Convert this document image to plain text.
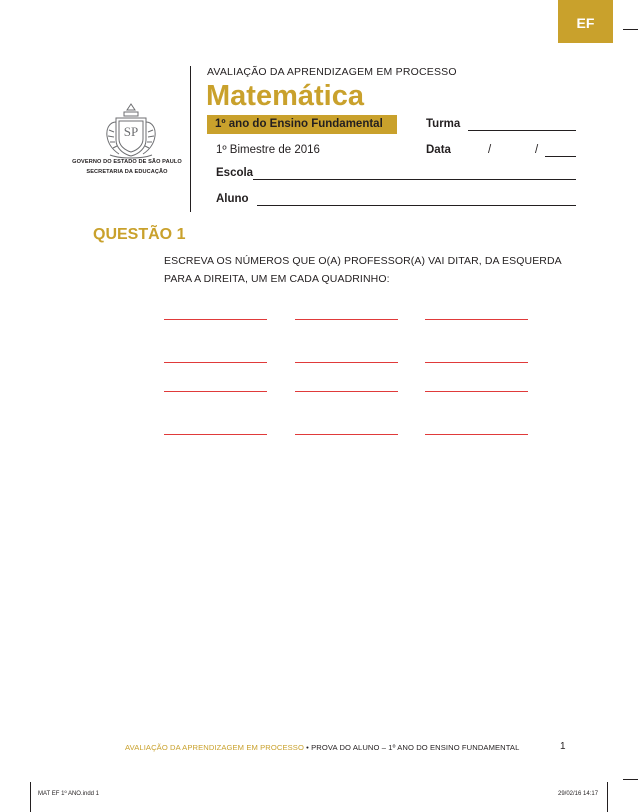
EF
SP
GOVERNO DO ESTADO DE SÃO PAULO
SECRETARIA DA EDUCAÇÃO
AVALIAÇÃO DA APRENDIZAGEM EM PROCESSO
Matemática
1º ano do Ensino Fundamental	Turma
1º Bimestre de 2016	Data	/	/
Escola
Aluno
QUESTÃO 1
ESCREVA OS NÚMEROS QUE O(A) PROFESSOR(A) VAI DITAR, DA ESQUERDA
PARA A DIREITA, UM EM CADA QUADRINHO:
AVALIAÇÃO DA APRENDIZAGEM EM PROCESSO • PROVA DO ALUNO – 1º ANO DO ENSINO FUNDAMENTAL	1
MAT EF 1º ANO.indd 1	29/02/16 14:17
